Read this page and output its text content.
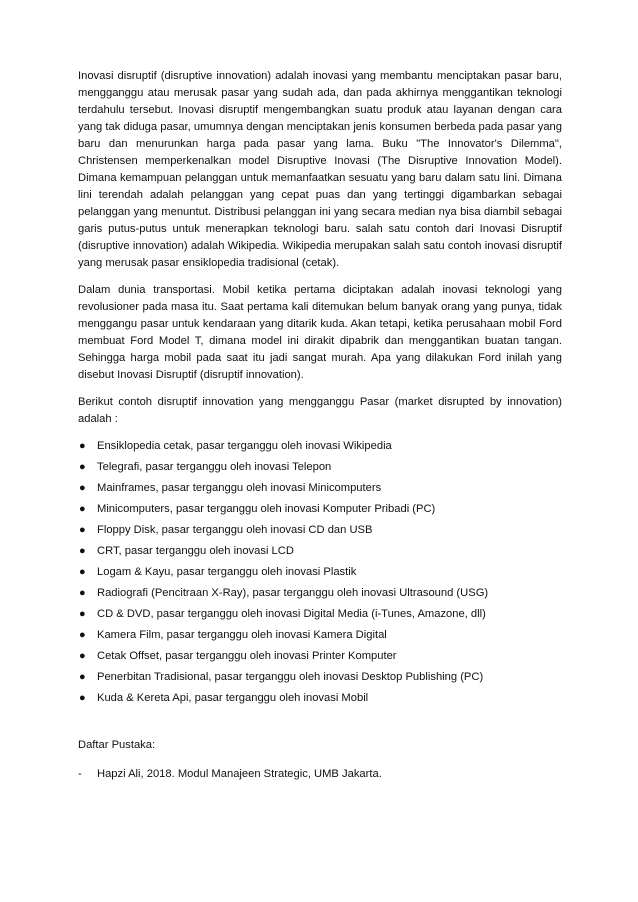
Inovasi disruptif (disruptive innovation) adalah inovasi yang membantu menciptakan pasar baru, mengganggu atau merusak pasar yang sudah ada, dan pada akhirnya menggantikan teknologi terdahulu tersebut. Inovasi disruptif mengembangkan suatu produk atau layanan dengan cara yang tak diduga pasar, umumnya dengan menciptakan jenis konsumen berbeda pada pasar yang baru dan menurunkan harga pada pasar yang lama. Buku "The Innovator's Dilemma", Christensen memperkenalkan model Disruptive Inovasi (The Disruptive Innovation Model). Dimana kemampuan pelanggan untuk memanfaatkan sesuatu yang baru dalam satu lini. Dimana lini terendah adalah pelanggan yang cepat puas dan yang tertinggi digambarkan sebagai pelanggan yang menuntut. Distribusi pelanggan ini yang secara median nya bisa diambil sebagai garis putus-putus untuk menerapkan teknologi baru. salah satu contoh dari Inovasi Disruptif (disruptive innovation) adalah Wikipedia. Wikipedia merupakan salah satu contoh inovasi disruptif yang merusak pasar ensiklopedia tradisional (cetak).

Dalam dunia transportasi. Mobil ketika pertama diciptakan adalah inovasi teknologi yang revolusioner pada masa itu. Saat pertama kali ditemukan belum banyak orang yang punya, tidak menggangu pasar untuk kendaraan yang ditarik kuda. Akan tetapi, ketika perusahaan mobil Ford membuat Ford Model T, dimana model ini dirakit dipabrik dan menggantikan buatan tangan. Sehingga harga mobil pada saat itu jadi sangat murah. Apa yang dilakukan Ford inilah yang disebut Inovasi Disruptif (disruptif innovation).

Berikut contoh disruptif innovation yang mengganggu Pasar (market disrupted by innovation) adalah :

● Ensiklopedia cetak, pasar terganggu oleh inovasi Wikipedia
● Telegrafi, pasar terganggu oleh inovasi Telepon
● Mainframes, pasar terganggu oleh inovasi Minicomputers
● Minicomputers, pasar terganggu oleh inovasi Komputer Pribadi (PC)
● Floppy Disk, pasar terganggu oleh inovasi CD dan USB
● CRT, pasar terganggu oleh inovasi LCD
● Logam & Kayu, pasar terganggu oleh inovasi Plastik
● Radiografi (Pencitraan X-Ray), pasar terganggu oleh inovasi Ultrasound (USG)
● CD & DVD, pasar terganggu oleh inovasi Digital Media (i-Tunes, Amazone, dll)
● Kamera Film, pasar terganggu oleh inovasi Kamera Digital
● Cetak Offset, pasar terganggu oleh inovasi Printer Komputer
● Penerbitan Tradisional, pasar terganggu oleh inovasi Desktop Publishing (PC)
● Kuda & Kereta Api, pasar terganggu oleh inovasi Mobil

Daftar Pustaka:

- Hapzi Ali, 2018. Modul Manajeen Strategic, UMB Jakarta.
